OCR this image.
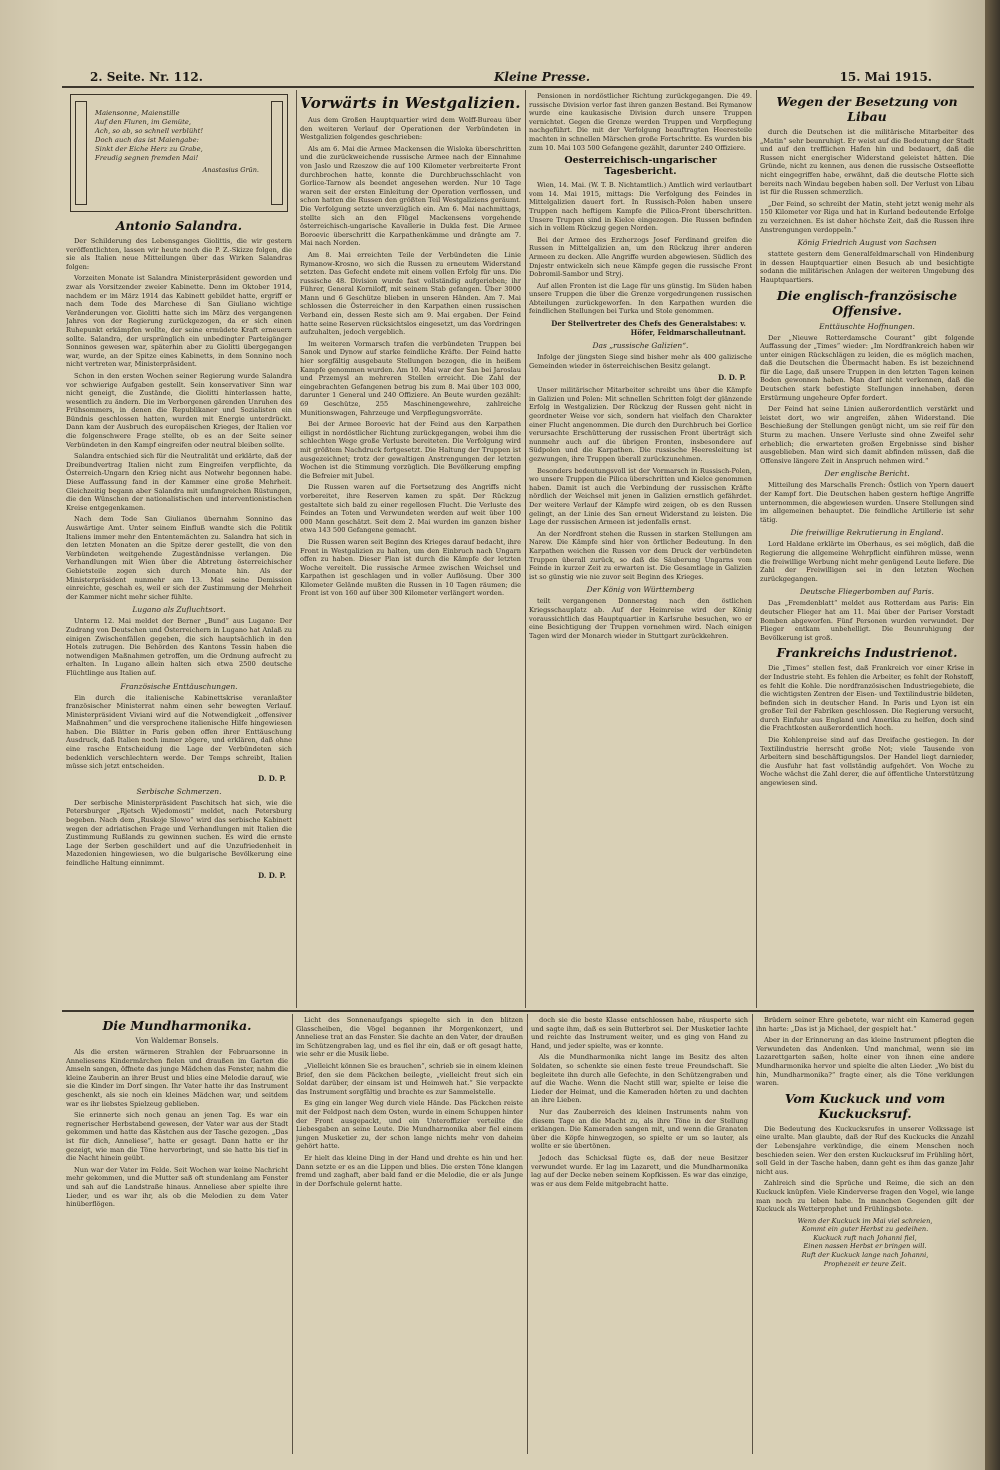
2. Seite. Nr. 112.	Kleine Presse.	15. Mai 1915.
Maiensonne, Maienstille
Auf den Fluren, im Gemüte,
Ach, so ab, so schnell verblüht!
Doch auch das ist Maiengabe:
Sinkt der Eiche Herz zu Grabe,
Freudig segnen fremden Mai!
Anastasius Grün.
Antonio Salandra.

Der Schilderung des Lebensganges Giolittis, die wir gestern veröffentlichten, lassen wir heute noch die P. Z.-Skizze folgen, die sie als Italien neue Mitteilungen über das Wirken Salandras folgen:

Vorzeiten Monate ist Salandra Ministerpräsident geworden und zwar als Vorsitzender zweier Kabinette. Denn im Oktober 1914, nachdem er im März 1914 das Kabinett gebildet hatte, ergriff er nach dem Tode des Marchese di San Giuliano wichtige Veränderungen vor. Giolitti hatte sich im März des vergangenen Jahres von der Regierung zurückgezogen, da er sich einen Ruhepunkt erkämpfen wollte, der seine ermüdete Kraft erneuern sollte. Salandra, der ursprünglich ein unbedingter Parteigänger Sonninos gewesen war, späterhin aber zu Giolitti übergegangen war, wurde, an der Spitze eines Kabinetts, in dem Sonnino noch nicht vertreten war, Ministerpräsident.

Schon in den ersten Wochen seiner Regierung wurde Salandra vor schwierige Aufgaben gestellt. Sein konservativer Sinn war nicht geneigt, die Zustände, die Giolitti hinterlassen hatte, wesentlich zu ändern. Die im Verborgenen gärenden Unruhen des Frühsommers, in denen die Republikaner und Sozialisten ein Bündnis geschlossen hatten, wurden mit Energie unterdrückt. Dann kam der Ausbruch des europäischen Krieges, der Italien vor die folgenschwere Frage stellte, ob es an der Seite seiner Verbündeten in den Kampf eingreifen oder neutral bleiben sollte.

Salandra entschied sich für die Neutralität und erklärte, daß der Dreibundvertrag Italien nicht zum Eingreifen verpflichte, da Österreich-Ungarn den Krieg nicht aus Notwehr begonnen habe. Diese Auffassung fand in der Kammer eine große Mehrheit. Gleichzeitig begann aber Salandra mit umfangreichen Rüstungen, die den Wünschen der nationalistischen und interventionistischen Kreise entgegenkamen.

Nach dem Tode San Giulianos übernahm Sonnino das Auswärtige Amt. Unter seinem Einfluß wandte sich die Politik Italiens immer mehr den Ententemächten zu. Salandra hat sich in den letzten Monaten an die Spitze derer gestellt, die von den Verbündeten weitgehende Zugeständnisse verlangen. Die Verhandlungen mit Wien über die Abtretung österreichischer Gebietsteile zogen sich durch Monate hin. Als der Ministerpräsident nunmehr am 13. Mai seine Demission einreichte, geschah es, weil er sich der Zustimmung der Mehrheit der Kammer nicht mehr sicher fühlte.

Lugano als Zufluchtsort.

Unterm 12. Mai meldet der Berner „Bund“ aus Lugano: Der Zudrang von Deutschen und Österreichern in Lugano hat Anlaß zu einigen Zwischenfällen gegeben, die sich hauptsächlich in den Hotels zutrugen. Die Behörden des Kantons Tessin haben die notwendigen Maßnahmen getroffen, um die Ordnung aufrecht zu erhalten. In Lugano allein halten sich etwa 2500 deutsche Flüchtlinge aus Italien auf.

Französische Enttäuschungen.

Ein durch die italienische Kabinettskrise veranlaßter französischer Ministerrat nahm einen sehr bewegten Verlauf. Ministerpräsident Viviani wird auf die Notwendigkeit ,,offensiver Maßnahmen“ und die versprochene italienische Hilfe hingewiesen haben. Die Blätter in Paris geben offen ihrer Enttäuschung Ausdruck, daß Italien noch immer zögere, und erklären, daß ohne eine rasche Entscheidung die Lage der Verbündeten sich bedenklich verschlechtern werde. Der Temps schreibt, Italien müsse sich jetzt entscheiden.

D. D. P.
Serbische Schmerzen.

Der serbische Ministerpräsident Paschitsch hat sich, wie die Petersburger „Rjetsch Wjedomosti“ meldet, nach Petersburg begeben. Nach dem „Ruskoje Slowo“ wird das serbische Kabinett wegen der adriatischen Frage und Verhandlungen mit Italien die Zustimmung Rußlands zu gewinnen suchen. Es wird die ernste Lage der Serben geschildert und auf die Unzufriedenheit in Mazedonien hingewiesen, wo die bulgarische Bevölkerung eine feindliche Haltung einnimmt.

D. D. P.
Vorwärts in Westgalizien.

Aus dem Großen Hauptquartier wird dem Wolff-Bureau über den weiteren Verlauf der Operationen der Verbündeten in Westgalizien folgendes geschrieben:

Als am 6. Mai die Armee Mackensen die Wisloka überschritten und die zurückweichende russische Armee nach der Einnahme von Jaslo und Rzeszow die auf 100 Kilometer verbreiterte Front durchbrochen hatte, konnte die Durchbruchsschlacht von Gorlice-Tarnow als beendet angesehen werden. Nur 10 Tage waren seit der ersten Einleitung der Operation verflossen, und schon hatten die Russen den größten Teil Westgaliziens geräumt. Die Verfolgung setzte unverzüglich ein. Am 6. Mai nachmittags, stellte sich an den Flügel Mackensens vorgehende österreichisch-ungarische Kavallerie in Dukla fest. Die Armee Boroevic überschritt die Karpathenkämme und drängte am 7. Mai nach Norden.

Am 8. Mai erreichten Teile der Verbündeten die Linie Rymanow-Krosno, wo sich die Russen zu erneutem Widerstand setzten. Das Gefecht endete mit einem vollen Erfolg für uns. Die russische 48. Division wurde fast vollständig aufgerieben; ihr Führer, General Korniloff, mit seinem Stab gefangen. Über 3000 Mann und 6 Geschütze blieben in unseren Händen. Am 7. Mai schlossen die Österreicher in den Karpathen einen russischen Verband ein, dessen Reste sich am 9. Mai ergaben. Der Feind hatte seine Reserven rücksichtslos eingesetzt, um das Vordringen aufzuhalten, jedoch vergeblich.

Im weiteren Vormarsch trafen die verbündeten Truppen bei Sanok und Dynow auf starke feindliche Kräfte. Der Feind hatte hier sorgfältig ausgebaute Stellungen bezogen, die in heißem Kampfe genommen wurden. Am 10. Mai war der San bei Jaroslau und Przemysl an mehreren Stellen erreicht. Die Zahl der eingebrachten Gefangenen betrug bis zum 8. Mai über 103 000, darunter 1 General und 240 Offiziere. An Beute wurden gezählt: 69 Geschütze, 255 Maschinengewehre, zahlreiche Munitionswagen, Fahrzeuge und Verpflegungsvorräte.

Bei der Armee Boroevic hat der Feind aus den Karpathen eiligst in nordöstlicher Richtung zurückgegangen, wobei ihm die schlechten Wege große Verluste bereiteten. Die Verfolgung wird mit größtem Nachdruck fortgesetzt. Die Haltung der Truppen ist ausgezeichnet; trotz der gewaltigen Anstrengungen der letzten Wochen ist die Stimmung vorzüglich. Die Bevölkerung empfing die Befreier mit Jubel.

Die Russen waren auf die Fortsetzung des Angriffs nicht vorbereitet, ihre Reserven kamen zu spät. Der Rückzug gestaltete sich bald zu einer regellosen Flucht. Die Verluste des Feindes an Toten und Verwundeten werden auf weit über 100 000 Mann geschätzt. Seit dem 2. Mai wurden im ganzen bisher etwa 143 500 Gefangene gemacht.

Die Russen waren seit Beginn des Krieges darauf bedacht, ihre Front in Westgalizien zu halten, um den Einbruch nach Ungarn offen zu haben. Dieser Plan ist durch die Kämpfe der letzten Woche vereitelt. Die russische Armee zwischen Weichsel und Karpathen ist geschlagen und in voller Auflösung. Über 300 Kilometer Gelände mußten die Russen in 10 Tagen räumen; die Front ist von 160 auf über 300 Kilometer verlängert worden.

Pensionen in nordöstlicher Richtung zurückgegangen. Die 49. russische Division verlor fast ihren ganzen Bestand. Bei Rymanow wurde eine kaukasische Division durch unsere Truppen vernichtet. Gegen die Grenze werden Truppen und Verpflegung nachgeführt. Die mit der Verfolgung beauftragten Heeresteile machten in schnellen Märschen große Fortschritte. Es wurden bis zum 10. Mai 103 500 Gefangene gezählt, darunter 240 Offiziere.

Oesterreichisch-ungarischer Tagesbericht.

Wien, 14. Mai. (W. T. B. Nichtamtlich.) Amtlich wird verlautbart vom 14. Mai 1915, mittags: Die Verfolgung des Feindes in Mittelgalizien dauert fort. In Russisch-Polen haben unsere Truppen nach heftigem Kampfe die Pilica-Front überschritten. Unsere Truppen sind in Kielce eingezogen. Die Russen befinden sich in vollem Rückzug gegen Norden.

Bei der Armee des Erzherzogs Josef Ferdinand greifen die Russen in Mittelgalizien an, um den Rückzug ihrer anderen Armeen zu decken. Alle Angriffe wurden abgewiesen. Südlich des Dnjestr entwickeln sich neue Kämpfe gegen die russische Front Dobromil-Sambor und Stryj.

Auf allen Fronten ist die Lage für uns günstig. Im Süden haben unsere Truppen die über die Grenze vorgedrungenen russischen Abteilungen zurückgeworfen. In den Karpathen wurden die feindlichen Stellungen bei Turka und Stole genommen.

Der Stellvertreter des Chefs des Generalstabes: v. Höfer, Feldmarschalleutnant.
Das „russische Galizien“.

Infolge der jüngsten Siege sind bisher mehr als 400 galizische Gemeinden wieder in österreichischen Besitz gelangt.

D. D. P.

Unser militärischer Mitarbeiter schreibt uns über die Kämpfe in Galizien und Polen: Mit schnellen Schritten folgt der glänzende Erfolg in Westgalizien. Der Rückzug der Russen geht nicht in geordneter Weise vor sich, sondern hat vielfach den Charakter einer Flucht angenommen. Die durch den Durchbruch bei Gorlice verursachte Erschütterung der russischen Front überträgt sich nunmehr auch auf die übrigen Fronten, insbesondere auf Südpolen und die Karpathen. Die russische Heeresleitung ist gezwungen, ihre Truppen überall zurückzunehmen.

Besonders bedeutungsvoll ist der Vormarsch in Russisch-Polen, wo unsere Truppen die Pilica überschritten und Kielce genommen haben. Damit ist auch die Verbindung der russischen Kräfte nördlich der Weichsel mit jenen in Galizien ernstlich gefährdet. Der weitere Verlauf der Kämpfe wird zeigen, ob es den Russen gelingt, an der Linie des San erneut Widerstand zu leisten. Die Lage der russischen Armeen ist jedenfalls ernst.

An der Nordfront stehen die Russen in starken Stellungen am Narew. Die Kämpfe sind hier von örtlicher Bedeutung. In den Karpathen weichen die Russen vor dem Druck der verbündeten Truppen überall zurück, so daß die Säuberung Ungarns vom Feinde in kurzer Zeit zu erwarten ist. Die Gesamtlage in Galizien ist so günstig wie nie zuvor seit Beginn des Krieges.

Der König von Württemberg

teilt vergangenen Donnerstag nach den östlichen Kriegsschauplatz ab. Auf der Heimreise wird der König voraussichtlich das Hauptquartier in Karlsruhe besuchen, wo er eine Besichtigung der Truppen vornehmen wird. Nach einigen Tagen wird der Monarch wieder in Stuttgart zurückkehren.

Wegen der Besetzung von Libau

durch die Deutschen ist die militärische Mitarbeiter des „Matin“ sehr beunruhigt. Er weist auf die Bedeutung der Stadt und auf den trefflichen Hafen hin und bedauert, daß die Russen nicht energischer Widerstand geleistet hätten. Die Gründe, nicht zu kennen, aus denen die russische Ostseeflotte nicht eingegriffen habe, erwähnt, daß die deutsche Flotte sich bereits nach Windau begeben haben soll. Der Verlust von Libau ist für die Russen schmerzlich.

„Der Feind, so schreibt der Matin, steht jetzt wenig mehr als 150 Kilometer vor Riga und hat in Kurland bedeutende Erfolge zu verzeichnen. Es ist daher höchste Zeit, daß die Russen ihre Anstrengungen verdoppeln.“

König Friedrich August von Sachsen

stattete gestern dem Generalfeldmarschall von Hindenburg in dessen Hauptquartier einen Besuch ab und besichtigte sodann die militärischen Anlagen der weiteren Umgebung des Hauptquartiers.

Die englisch-französische Offensive.
Enttäuschte Hoffnungen.

Der „Nieuwe Rotterdamsche Courant“ gibt folgende Auffassung der „Times“ wieder: „Im Nordfrankreich haben wir unter einigen Rückschlägen zu leiden, die es möglich machen, daß die Deutschen die Übermacht haben. Es ist bezeichnend für die Lage, daß unsere Truppen in den letzten Tagen keinen Boden gewonnen haben. Man darf nicht verkennen, daß die Deutschen stark befestigte Stellungen innehaben, deren Erstürmung ungeheure Opfer fordert.

Der Feind hat seine Linien außerordentlich verstärkt und leistet dort, wo wir angreifen, zähen Widerstand. Die Beschießung der Stellungen genügt nicht, um sie reif für den Sturm zu machen. Unsere Verluste sind ohne Zweifel sehr erheblich; die erwarteten großen Ergebnisse sind bisher ausgeblieben. Man wird sich damit abfinden müssen, daß die Offensive längere Zeit in Anspruch nehmen wird.“

Der englische Bericht.

Mitteilung des Marschalls French: Östlich von Ypern dauert der Kampf fort. Die Deutschen haben gestern heftige Angriffe unternommen, die abgewiesen wurden. Unsere Stellungen sind im allgemeinen behauptet. Die feindliche Artillerie ist sehr tätig.

Die freiwillige Rekrutierung in England.

Lord Haldane erklärte im Oberhaus, es sei möglich, daß die Regierung die allgemeine Wehrpflicht einführen müsse, wenn die freiwillige Werbung nicht mehr genügend Leute liefere. Die Zahl der Freiwilligen sei in den letzten Wochen zurückgegangen.

Deutsche Fliegerbomben auf Paris.

Das „Fremdenblatt“ meldet aus Rotterdam aus Paris: Ein deutscher Flieger hat am 11. Mai über der Pariser Vorstadt Bomben abgeworfen. Fünf Personen wurden verwundet. Der Flieger entkam unbehelligt. Die Beunruhigung der Bevölkerung ist groß.

Frankreichs Industrienot.

Die „Times“ stellen fest, daß Frankreich vor einer Krise in der Industrie steht. Es fehlen die Arbeiter, es fehlt der Rohstoff, es fehlt die Kohle. Die nordfranzösischen Industriegebiete, die die wichtigsten Zentren der Eisen- und Textilindustrie bildeten, befinden sich in deutscher Hand. In Paris und Lyon ist ein großer Teil der Fabriken geschlossen. Die Regierung versucht, durch Einfuhr aus England und Amerika zu helfen, doch sind die Frachtkosten außerordentlich hoch.

Die Kohlenpreise sind auf das Dreifache gestiegen. In der Textilindustrie herrscht große Not; viele Tausende von Arbeitern sind beschäftigungslos. Der Handel liegt darnieder, die Ausfuhr hat fast vollständig aufgehört. Von Woche zu Woche wächst die Zahl derer, die auf öffentliche Unterstützung angewiesen sind.

Die Mundharmonika.
Von Waldemar Bonsels.

Als die ersten wärmeren Strahlen der Februarsonne in Anneliesens Kindermärchen fielen und draußen im Garten die Amseln sangen, öffnete das junge Mädchen das Fenster, nahm die kleine Zauberin an ihrer Brust und blies eine Melodie darauf, wie sie die Kinder im Dorf singen. Ihr Vater hatte ihr das Instrument geschenkt, als sie noch ein kleines Mädchen war, und seitdem war es ihr liebstes Spielzeug geblieben.

Sie erinnerte sich noch genau an jenen Tag. Es war ein regnerischer Herbstabend gewesen, der Vater war aus der Stadt gekommen und hatte das Kästchen aus der Tasche gezogen. „Das ist für dich, Anneliese“, hatte er gesagt. Dann hatte er ihr gezeigt, wie man die Töne hervorbringt, und sie hatte bis tief in die Nacht hinein geübt.

Nun war der Vater im Felde. Seit Wochen war keine Nachricht mehr gekommen, und die Mutter saß oft stundenlang am Fenster und sah auf die Landstraße hinaus. Anneliese aber spielte ihre Lieder, und es war ihr, als ob die Melodien zu dem Vater hinüberflögen.

Licht des Sonnenaufgangs spiegelte sich in den blitzen Glasscheiben, die Vögel begannen ihr Morgenkonzert, und Anneliese trat an das Fenster. Sie dachte an den Vater, der draußen im Schützengraben lag, und es fiel ihr ein, daß er oft gesagt hatte, wie sehr er die Musik liebe.

„Vielleicht können Sie es brauchen“, schrieb sie in einem kleinen Brief, den sie dem Päckchen beilegte, „vielleicht freut sich ein Soldat darüber, der einsam ist und Heimweh hat.“ Sie verpackte das Instrument sorgfältig und brachte es zur Sammelstelle.

Es ging ein langer Weg durch viele Hände. Das Päckchen reiste mit der Feldpost nach dem Osten, wurde in einem Schuppen hinter der Front ausgepackt, und ein Unteroffizier verteilte die Liebesgaben an seine Leute. Die Mundharmonika aber fiel einem jungen Musketier zu, der schon lange nichts mehr von daheim gehört hatte.

Er hielt das kleine Ding in der Hand und drehte es hin und her. Dann setzte er es an die Lippen und blies. Die ersten Töne klangen fremd und zaghaft, aber bald fand er die Melodie, die er als Junge in der Dorfschule gelernt hatte.

doch sie die beste Klasse entschlossen habe, räusperte sich und sagte ihm, daß es sein Butterbrot sei. Der Musketier lachte und reichte das Instrument weiter, und es ging von Hand zu Hand, und jeder spielte, was er konnte.

Als die Mundharmonika nicht lange im Besitz des alten Soldaten, so schenkte sie einen feste treue Freundschaft. Sie begleitete ihn durch alle Gefechte, in den Schützengraben und auf die Wache. Wenn die Nacht still war, spielte er leise die Lieder der Heimat, und die Kameraden hörten zu und dachten an ihre Lieben.

Nur das Zauberreich des kleinen Instruments nahm von diesem Tage an die Macht zu, als ihre Töne in der Stellung erklangen. Die Kameraden sangen mit, und wenn die Granaten über die Köpfe hinwegzogen, so spielte er um so lauter, als wollte er sie übertönen.

Jedoch das Schicksal fügte es, daß der neue Besitzer verwundet wurde. Er lag im Lazarett, und die Mundharmonika lag auf der Decke neben seinem Kopfkissen. Es war das einzige, was er aus dem Felde mitgebracht hatte.

Brüdern seiner Ehre gebetete, war nicht ein Kamerad gegen ihn harte: „Das ist ja Michael, der gespielt hat.“

Aber in der Erinnerung an das kleine Instrument pflegten die Verwundeten das Andenken. Und manchmal, wenn sie im Lazarettgarten saßen, holte einer von ihnen eine andere Mundharmonika hervor und spielte die alten Lieder. „Wo bist du hin, Mundharmonika?“ fragte einer, als die Töne verklungen waren.

Vom Kuckuck und vom Kuckucksruf.

Die Bedeutung des Kuckucksrufes in unserer Volkssage ist eine uralte. Man glaubte, daß der Ruf des Kuckucks die Anzahl der Lebensjahre verkündige, die einem Menschen noch beschieden seien. Wer den ersten Kuckucksruf im Frühling hört, soll Geld in der Tasche haben, dann geht es ihm das ganze Jahr nicht aus.

Zahlreich sind die Sprüche und Reime, die sich an den Kuckuck knüpfen. Viele Kinderverse fragen den Vogel, wie lange man noch zu leben habe. In manchen Gegenden gilt der Kuckuck als Wetterprophet und Frühlingsbote.

Wenn der Kuckuck im Mai viel schreien,
Kommt ein guter Herbst zu gedeihen.
Kuckuck ruft nach Johanni fiel,
Einen nassen Herbst er bringen will.
Ruft der Kuckuck lange nach Johanni,
Prophezeit er teure Zeit.
